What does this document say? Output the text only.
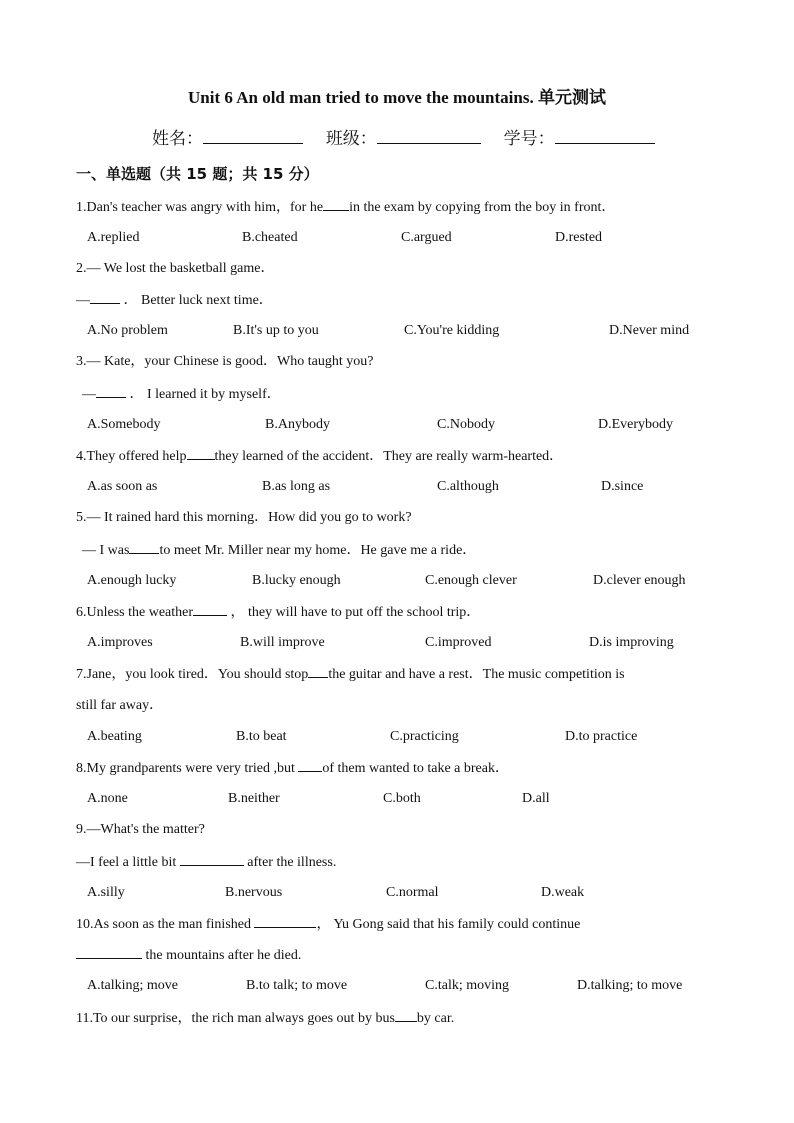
Unit 6 An old man tried to move the mountains. 单元测试
姓名：	班级：	学号：
一、单选题（共 15 题；共 15 分）
1.Dan's teacher was angry with him，for he in the exam by copying from the boy in front．
A.replied	B.cheated	C.argued	D.rested
2.— We lost the basketball game．
— ． Better luck next time．
A.No problem	B.It's up to you	C.You're kidding	D.Never mind
3.— Kate，your Chinese is good．Who taught you?
— ． I learned it by myself．
A.Somebody	B.Anybody	C.Nobody	D.Everybody
4.They offered help they learned of the accident．They are really warm-hearted．
A.as soon as	B.as long as	C.although	D.since
5.— It rained hard this morning．How did you go to work?
— I was to meet Mr. Miller near my home．He gave me a ride．
A.enough lucky	B.lucky enough	C.enough clever	D.clever enough
6.Unless the weather ， they will have to put off the school trip．
A.improves	B.will improve	C.improved	D.is improving
7.Jane，you look tired．You should stop the guitar and have a rest．The music competition is
still far away．
A.beating	B.to beat	C.practicing	D.to practice
8.My grandparents were very tried ,but of them wanted to take a break．
A.none	B.neither	C.both	D.all
9.—What's the matter?
—I feel a little bit	after the illness.
A.silly	B.nervous	C.normal	D.weak
10.As soon as the man finished	， Yu Gong said that his family could continue
the mountains after he died.
A.talking; move	B.to talk; to move	C.talk; moving	D.talking; to move
11.To our surprise，the rich man always goes out by bus by car.
